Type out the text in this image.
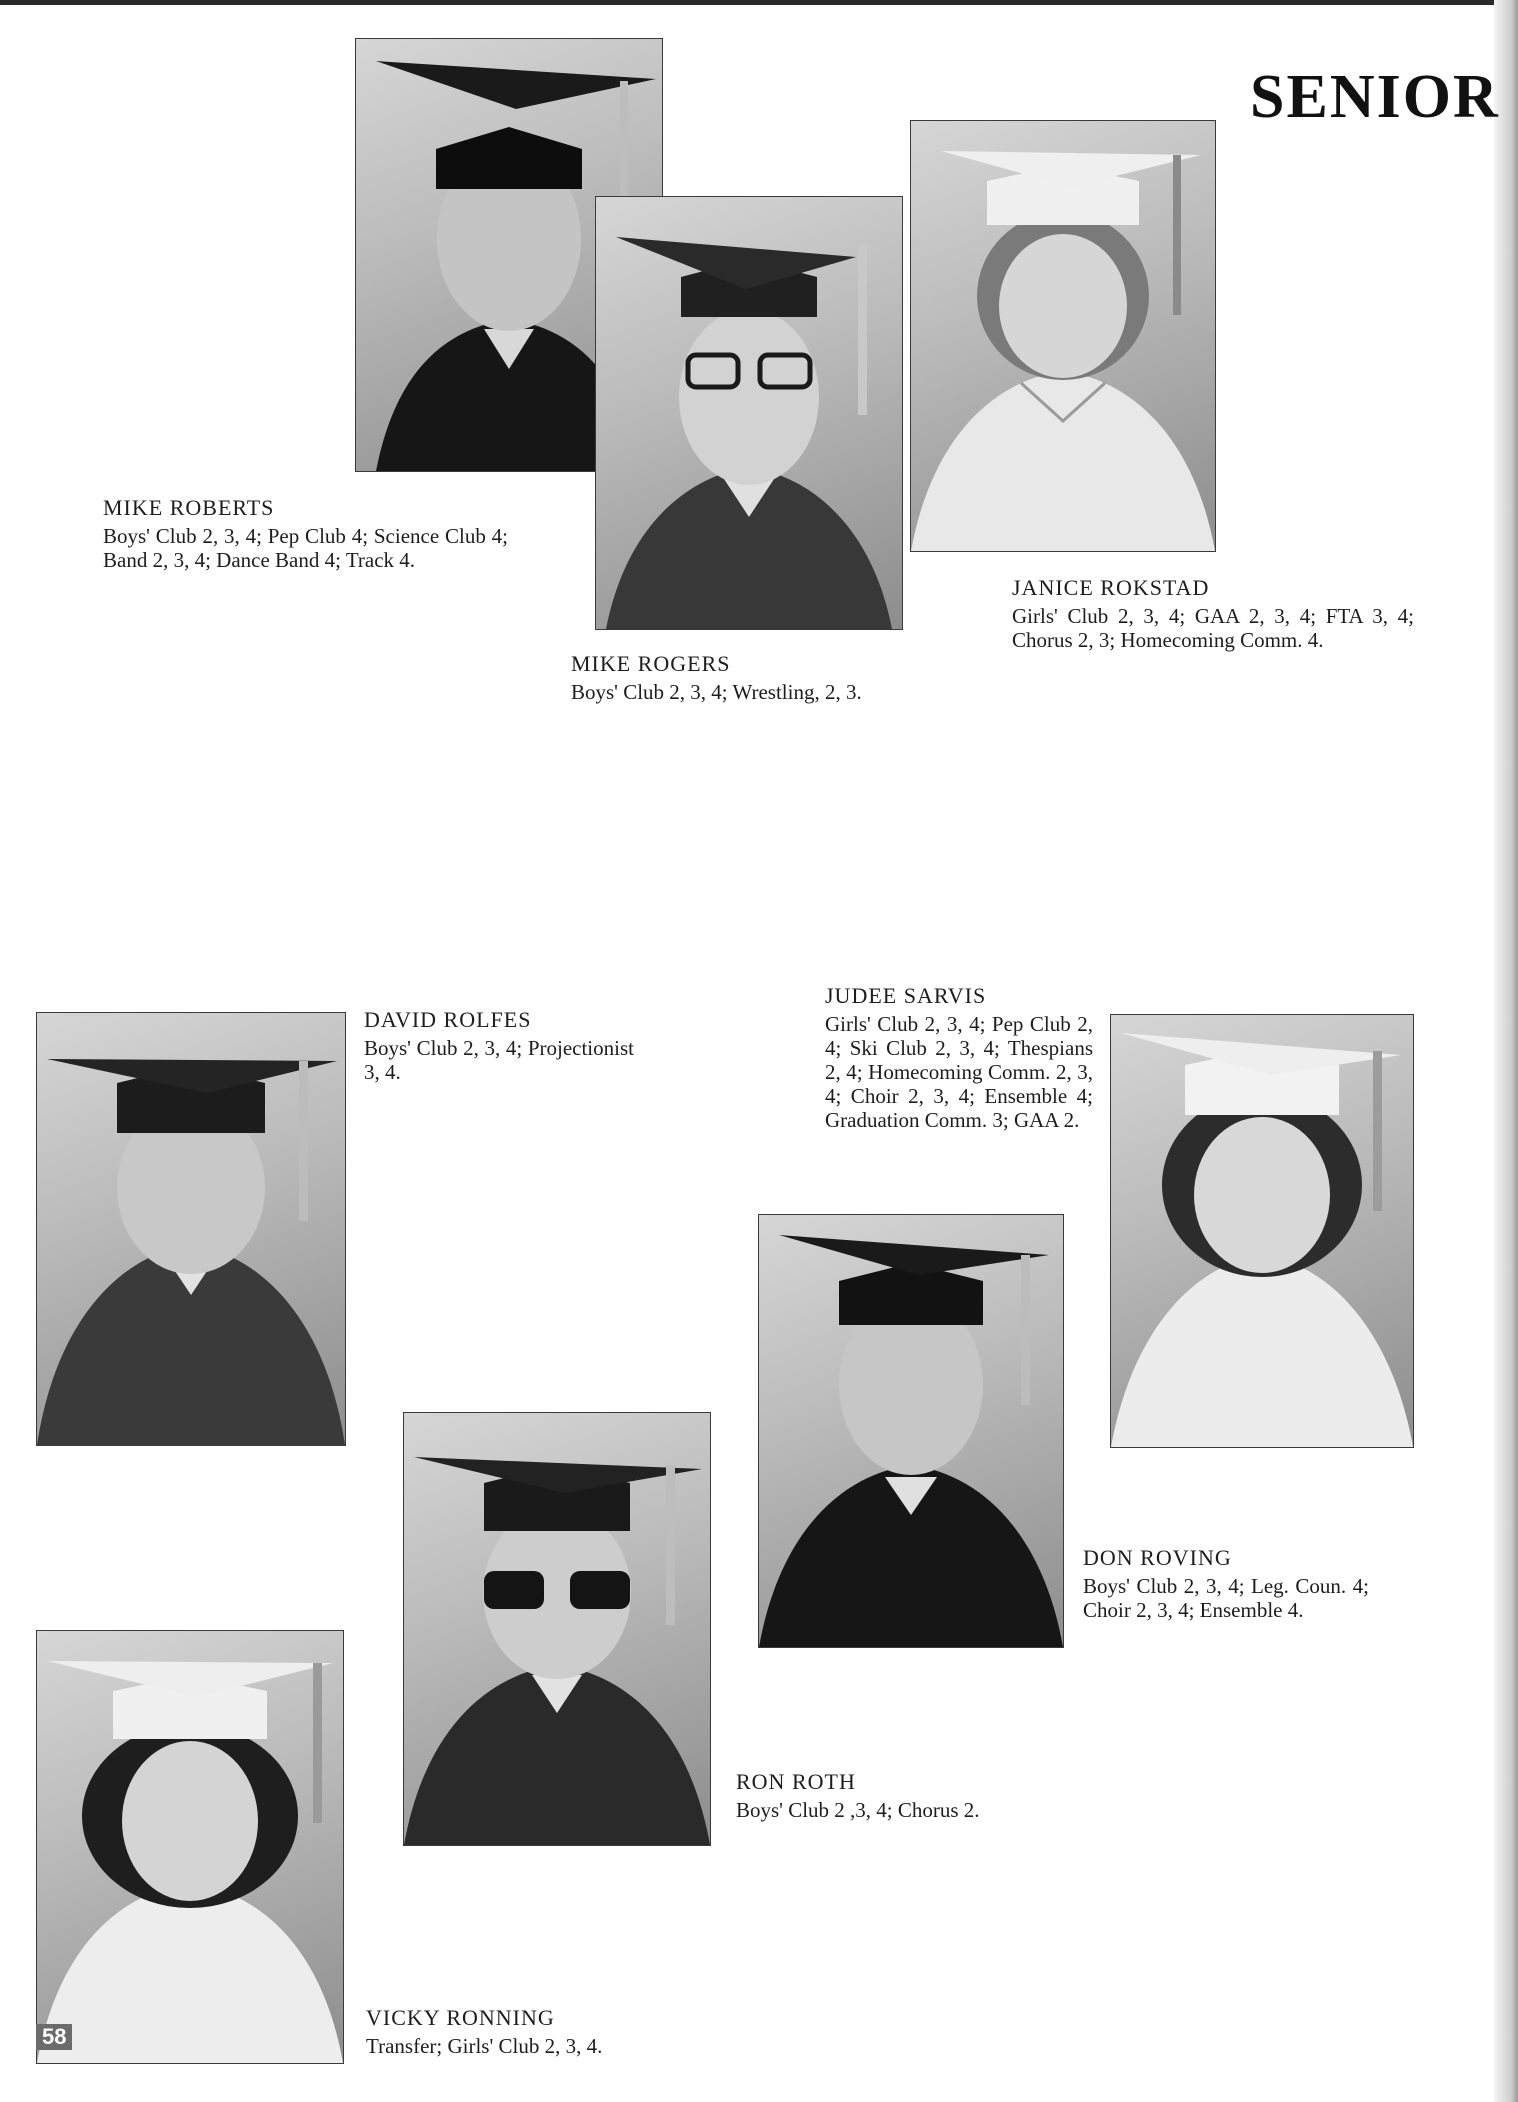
SENIOR
MIKE ROBERTS
Boys' Club 2, 3, 4; Pep Club 4; Science Club 4; Band 2, 3, 4; Dance Band 4; Track 4.
MIKE ROGERS
Boys' Club 2, 3, 4; Wrestling, 2, 3.
JANICE ROKSTAD
Girls' Club 2, 3, 4; GAA 2, 3, 4; FTA 3, 4; Chorus 2, 3; Homecoming Comm. 4.
DAVID ROLFES
Boys' Club 2, 3, 4; Projectionist 3, 4.
JUDEE SARVIS
Girls' Club 2, 3, 4; Pep Club 2, 4; Ski Club 2, 3, 4; Thespians 2, 4; Homecoming Comm. 2, 3, 4; Choir 2, 3, 4; Ensemble 4; Graduation Comm. 3; GAA 2.
DON ROVING
Boys' Club 2, 3, 4; Leg. Coun. 4; Choir 2, 3, 4; Ensemble 4.
RON ROTH
Boys' Club 2 ,3, 4; Chorus 2.
VICKY RONNING
Transfer; Girls' Club 2, 3, 4.
58
